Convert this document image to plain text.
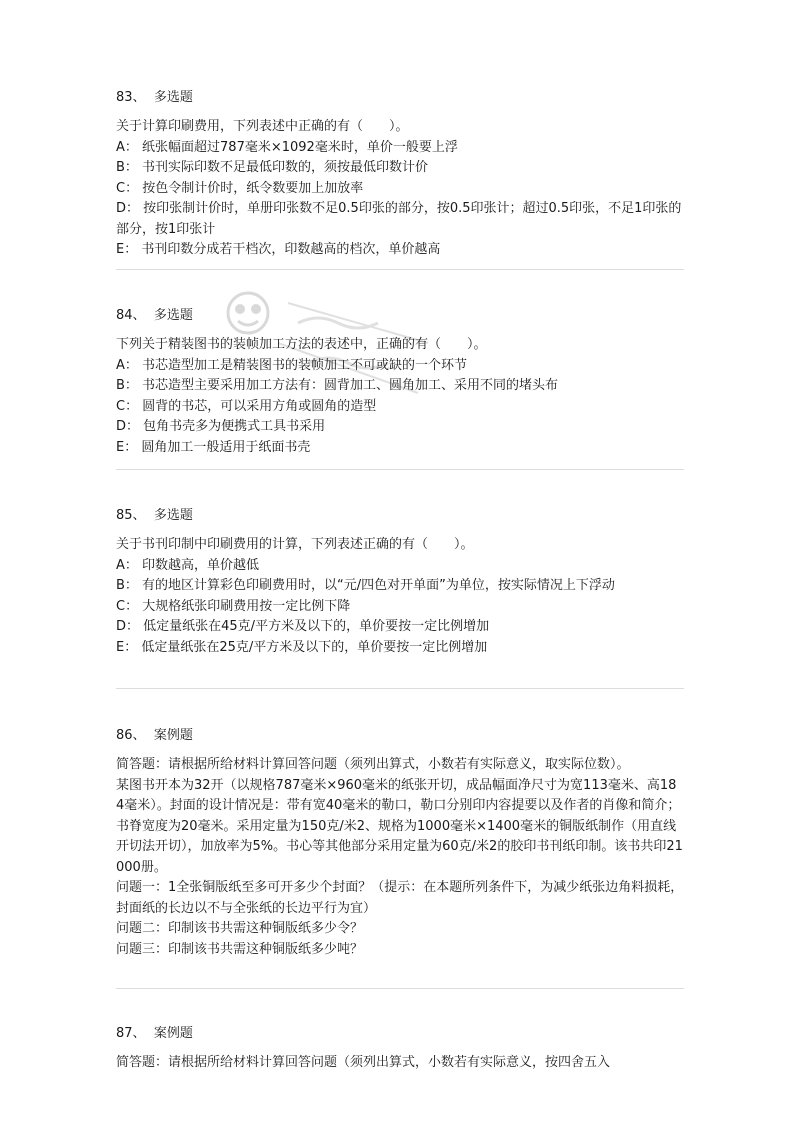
83、 多选题
关于计算印刷费用，下列表述中正确的有（　　）。
A： 纸张幅面超过787毫米×1092毫米时，单价一般要上浮
B： 书刊实际印数不足最低印数的，须按最低印数计价
C： 按色令制计价时，纸令数要加上加放率
D： 按印张制计价时，单册印张数不足0.5印张的部分，按0.5印张计；超过0.5印张，不足1印张的部分，按1印张计
E： 书刊印数分成若干档次，印数越高的档次，单价越高
84、 多选题
下列关于精装图书的装帧加工方法的表述中，正确的有（　　）。
A： 书芯造型加工是精装图书的装帧加工不可或缺的一个环节
B： 书芯造型主要采用加工方法有：圆背加工、圆角加工、采用不同的堵头布
C： 圆背的书芯，可以采用方角或圆角的造型
D： 包角书壳多为便携式工具书采用
E： 圆角加工一般适用于纸面书壳
85、 多选题
关于书刊印制中印刷费用的计算，下列表述正确的有（　　）。
A： 印数越高，单价越低
B： 有的地区计算彩色印刷费用时，以“元/四色对开单面”为单位，按实际情况上下浮动
C： 大规格纸张印刷费用按一定比例下降
D： 低定量纸张在45克/平方米及以下的，单价要按一定比例增加
E： 低定量纸张在25克/平方米及以下的，单价要按一定比例增加
86、 案例题
简答题：请根据所给材料计算回答问题（须列出算式，小数若有实际意义，取实际位数）。
某图书开本为32开（以规格787毫米×960毫米的纸张开切，成品幅面净尺寸为宽113毫米、高184毫米）。封面的设计情况是：带有宽40毫米的勒口，勒口分别印内容提要以及作者的肖像和简介；书脊宽度为20毫米。采用定量为150克/米2、规格为1000毫米×1400毫米的铜版纸制作（用直线开切法开切），加放率为5%。书心等其他部分采用定量为60克/米2的胶印书刊纸印制。该书共印21000册。
问题一：1全张铜版纸至多可开多少个封面？（提示：在本题所列条件下，为减少纸张边角料损耗，封面纸的长边以不与全张纸的长边平行为宜）
问题二：印制该书共需这种铜版纸多少令？
问题三：印制该书共需这种铜版纸多少吨？
87、 案例题
简答题：请根据所给材料计算回答问题（须列出算式，小数若有实际意义，按四舍五入
